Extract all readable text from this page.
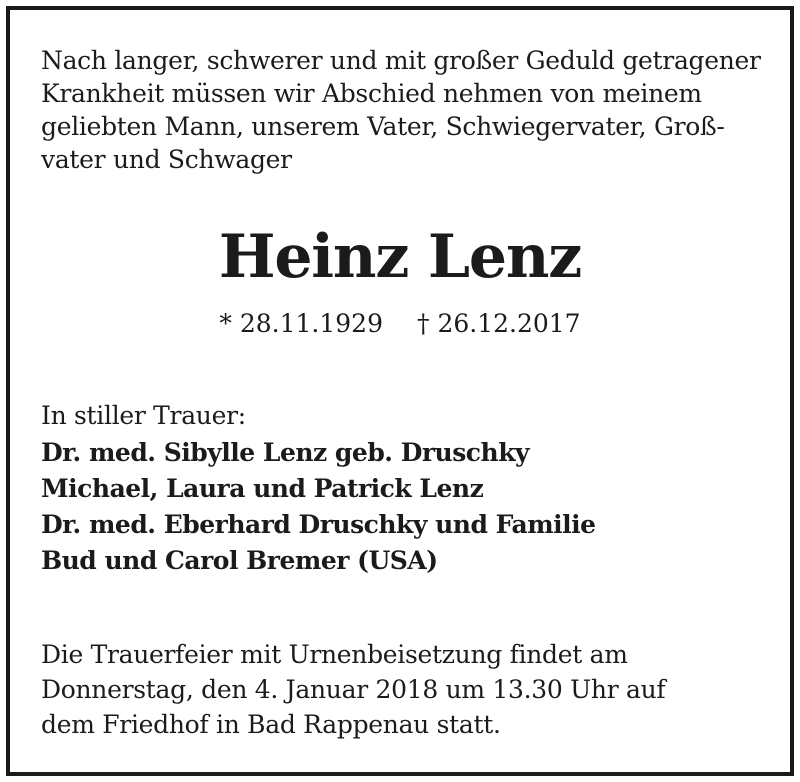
Nach langer, schwerer und mit großer Geduld getragener
Krankheit müssen wir Abschied nehmen von meinem
geliebten Mann, unserem Vater, Schwiegervater, Groß-
vater und Schwager
Heinz Lenz
* 28.11.1929 † 26.12.2017
In stiller Trauer:
Dr. med. Sibylle Lenz geb. Druschky
Michael, Laura und Patrick Lenz
Dr. med. Eberhard Druschky und Familie
Bud und Carol Bremer (USA)
Die Trauerfeier mit Urnenbeisetzung findet am
Donnerstag, den 4. Januar 2018 um 13.30 Uhr auf
dem Friedhof in Bad Rappenau statt.
